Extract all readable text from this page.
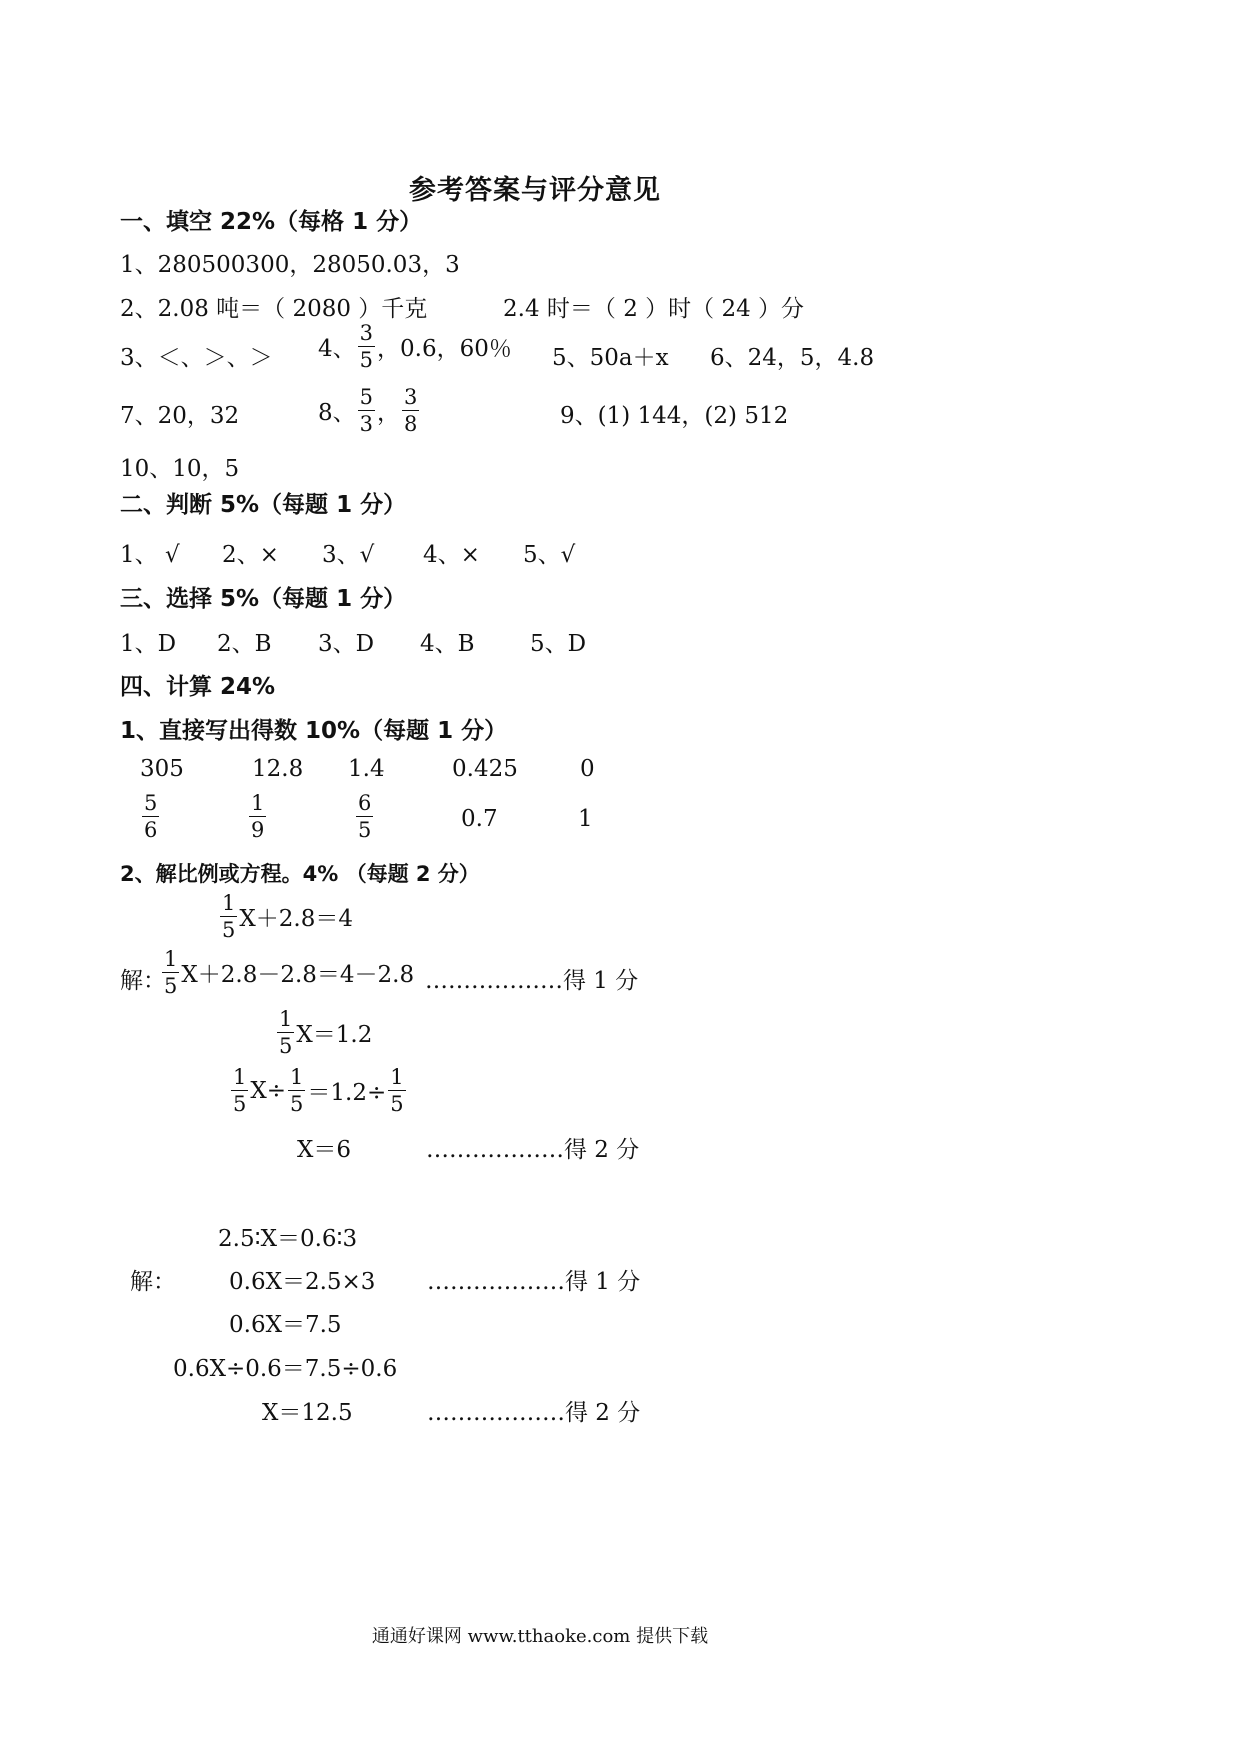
参考答案与评分意见
一、填空 22%（每格 1 分）
1、280500300，28050.03，3
2、2.08 吨＝（ 2080 ）千克	2.4 时＝（ 2 ）时（ 24 ）分
3、＜、＞、＞ 4、 $\frac{3}{5}$ ，0.6，60％ 5、50a＋x 6、24，5，4.8
7、20，32	8、 $\frac{5}{3}$ ， $\frac{3}{8}$	9、(1) 144，(2) 512
10、10，5
二、判断 5%（每题 1 分）
1、 √ 2、× 3、√ 4、× 5、√
三、选择 5%（每题 1 分）
1、D 2、B 3、D 4、B 5、D
四、计算 24%
1、直接写出得数 10%（每题 1 分）
305	12.8 1.4	0.425	0
$\frac{5}{6}$	$\frac{1}{9}$	$\frac{6}{5}$	0.7	1
2、解比例或方程。4% （每题 2 分）
$\frac{1}{5} X+2.8=4$
解：
$\frac{1}{5} X+2.8-2.8=4-2.8$ ………………得 1 分
$\frac{1}{5} X=1.2$
$\frac{1}{5} X\div \frac{1}{5} =1.2\div \frac{1}{5}$
X＝6	………………得 2 分
2.5∶X＝0.6∶3
解： 0.6X＝2.5×3 ………………得 1 分
0.6X＝7.5
0.6X÷0.6＝7.5÷0.6
X＝12.5	………………得 2 分
通通好课网 www.tthaoke.com 提供下载
